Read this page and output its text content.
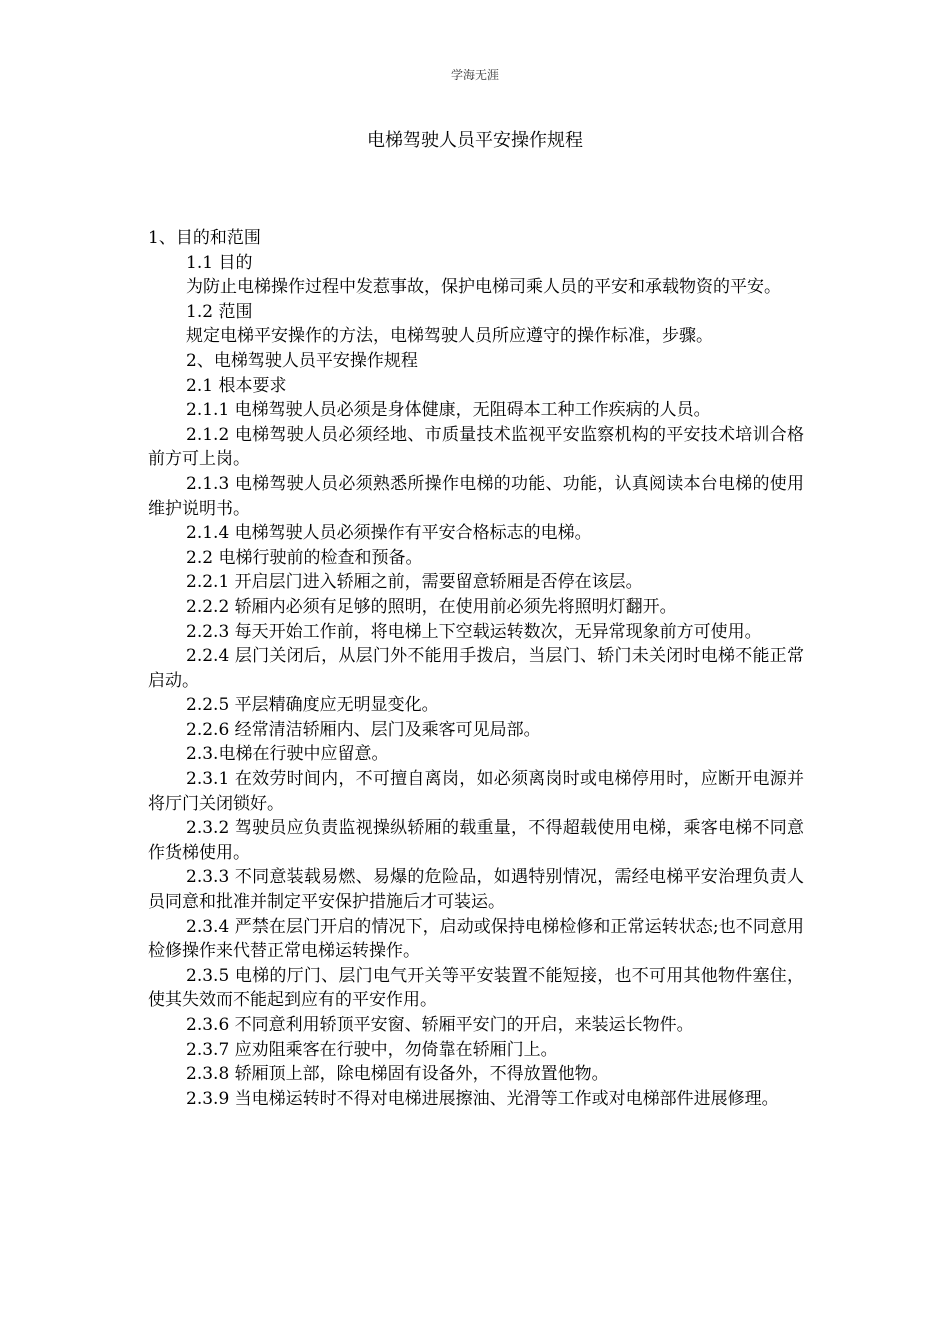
学海无涯
电梯驾驶人员平安操作规程

1、目的和范围

1.1 目的

为防止电梯操作过程中发惹事故，保护电梯司乘人员的平安和承载物资的平安。

1.2 范围

规定电梯平安操作的方法，电梯驾驶人员所应遵守的操作标准，步骤。

2、电梯驾驶人员平安操作规程

2.1 根本要求

2.1.1 电梯驾驶人员必须是身体健康，无阻碍本工种工作疾病的人员。

2.1.2 电梯驾驶人员必须经地、市质量技术监视平安监察机构的平安技术培训合格前方可上岗。

2.1.3 电梯驾驶人员必须熟悉所操作电梯的功能、功能，认真阅读本台电梯的使用维护说明书。

2.1.4 电梯驾驶人员必须操作有平安合格标志的电梯。

2.2 电梯行驶前的检查和预备。

2.2.1 开启层门进入轿厢之前，需要留意轿厢是否停在该层。

2.2.2 轿厢内必须有足够的照明，在使用前必须先将照明灯翻开。

2.2.3 每天开始工作前，将电梯上下空载运转数次，无异常现象前方可使用。

2.2.4 层门关闭后，从层门外不能用手拨启，当层门、轿门未关闭时电梯不能正常启动。

2.2.5 平层精确度应无明显变化。

2.2.6 经常清洁轿厢内、层门及乘客可见局部。

2.3.电梯在行驶中应留意。

2.3.1 在效劳时间内，不可擅自离岗，如必须离岗时或电梯停用时，应断开电源并将厅门关闭锁好。

2.3.2 驾驶员应负责监视操纵轿厢的载重量，不得超载使用电梯，乘客电梯不同意作货梯使用。

2.3.3 不同意装载易燃、易爆的危险品，如遇特别情况，需经电梯平安治理负责人员同意和批准并制定平安保护措施后才可装运。

2.3.4 严禁在层门开启的情况下，启动或保持电梯检修和正常运转状态;也不同意用检修操作来代替正常电梯运转操作。

2.3.5 电梯的厅门、层门电气开关等平安装置不能短接，也不可用其他物件塞住，使其失效而不能起到应有的平安作用。

2.3.6 不同意利用轿顶平安窗、轿厢平安门的开启，来装运长物件。

2.3.7 应劝阻乘客在行驶中，勿倚靠在轿厢门上。

2.3.8 轿厢顶上部，除电梯固有设备外，不得放置他物。

2.3.9 当电梯运转时不得对电梯进展擦油、光滑等工作或对电梯部件进展修理。
